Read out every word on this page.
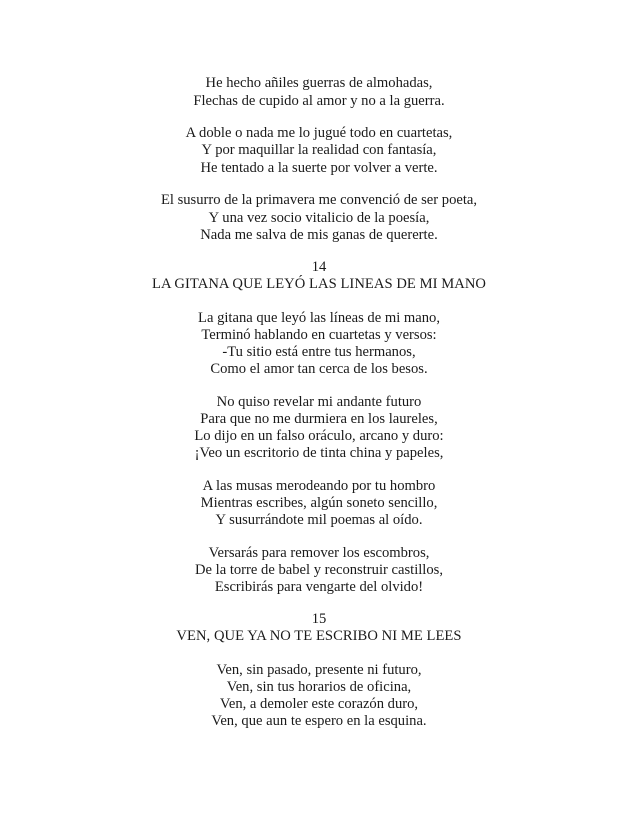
He hecho añiles guerras de almohadas,
Flechas de cupido al amor y no a la guerra.
A doble o nada me lo jugué todo en cuartetas,
Y por maquillar la realidad con fantasía,
He tentado a la suerte por volver a verte.
El susurro de la primavera me convenció de ser poeta,
Y una vez socio vitalicio de la poesía,
Nada me salva de mis ganas de quererte.
14
LA GITANA QUE LEYÓ LAS LINEAS DE MI MANO
La gitana que leyó las líneas de mi mano,
Terminó hablando en cuartetas y versos:
-Tu sitio está entre tus hermanos,
Como el amor tan cerca de los besos.
No quiso revelar mi andante futuro
Para que no me durmiera en los laureles,
Lo dijo en un falso oráculo, arcano y duro:
¡Veo un escritorio de tinta china y papeles,
A las musas merodeando por tu hombro
Mientras escribes, algún soneto sencillo,
Y susurrándote mil poemas al oído.
Versarás para remover los escombros,
De la torre de babel y reconstruir castillos,
Escribirás para vengarte del olvido!
15
VEN, QUE YA NO TE ESCRIBO NI ME LEES
Ven, sin pasado, presente ni futuro,
Ven, sin tus horarios de oficina,
Ven, a demoler este corazón duro,
Ven, que aun te espero en la esquina.
